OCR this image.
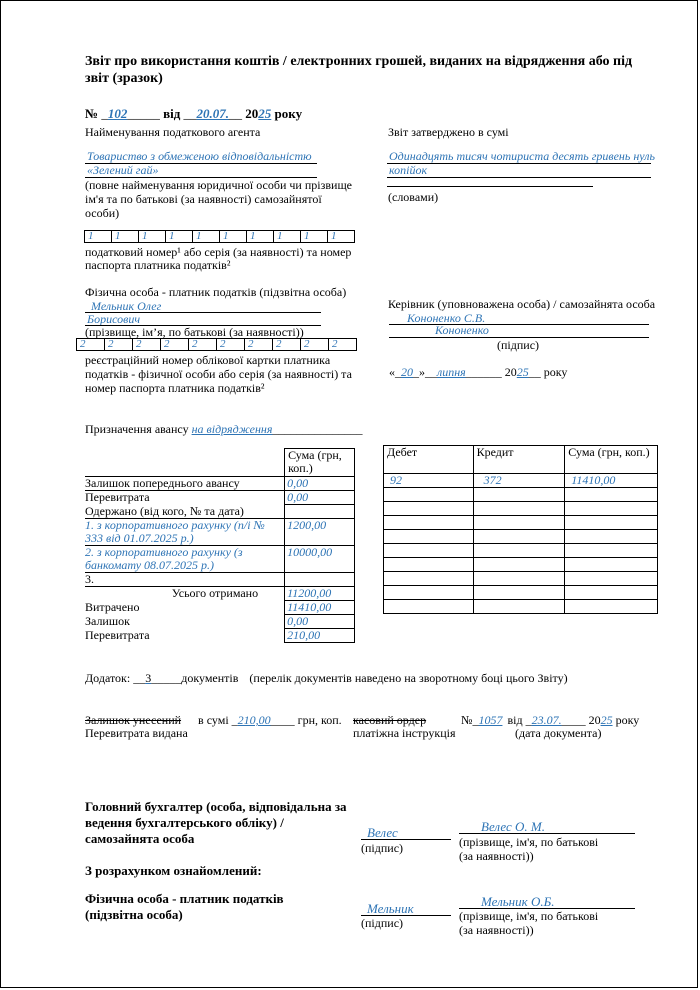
Звіт про використання коштів / електронних грошей, виданих на відрядження або під звіт (зразок)
№ _102_____ від __20.07.__ 2025 року
Найменування податкового агента	Звіт затверджено в сумі
Товариство з обмеженою відповідальністю
«Зелений гай»
(повне найменування юридичної особи чи прізвище ім'я та по батькові (за наявності) самозайнятої особи)
Одинадцять тисяч чотириста десять гривень нуль
копійок
(словами)
1	1	1	1	1	1	1	1	1	1
податковий номер¹ або серія (за наявності) та номер
паспорта платника податків²
Фізична особа - платник податків (підзвітна особа)
Мельник Олег
Борисович
(прізвище, ім’я, по батькові (за наявності))
2	2	2	2	2	2	2	2	2	2
реєстраційний номер облікової картки платника податків - фізичної особи або серія (за наявності) та номер паспорта платника податків²
Керівник (уповноважена особа) / самозайнята особа
Кононенко С.В.
Кононенко
(підпис)
«_20_»__липня______ 2025__ року
Призначення авансу на відрядження_______________
	Сума (грн, коп.)
Залишок попереднього авансу	0,00
Перевитрата	0,00
Одержано (від кого, № та дата)	
1. з корпоративного рахунку (п/і № 333 від 01.07.2025 р.)	1200,00
2. з корпоративного рахунку (з банкомату 08.07.2025 р.)	10000,00
3.	
Усього отримано	11200,00
Витрачено	11410,00
Залишок	0,00
Перевитрата	210,00
Дебет	Кредит	Сума (грн, коп.)
92	372	11410,00

Додаток: __3_____документів (перелік документів наведено на зворотному боці цього Звіту)
Залишок унесений в сумі _210,00____ грн, коп. касовий ордер	№_1057 від _23.07.____ 2025 року
Перевитрата видана	платіжна інструкція	(дата документа)
Головний бухгалтер (особа, відповідальна за ведення бухгалтерського обліку) / самозайнята особа	Велес
(підпис)
Велес О. М.
(прізвище, ім'я, по батькові (за наявності))
З розрахунком ознайомлений:
Фізична особа - платник податків (підзвітна особа)	Мельник
(підпис)
Мельник О.Б.
(прізвище, ім'я, по батькові (за наявності))
